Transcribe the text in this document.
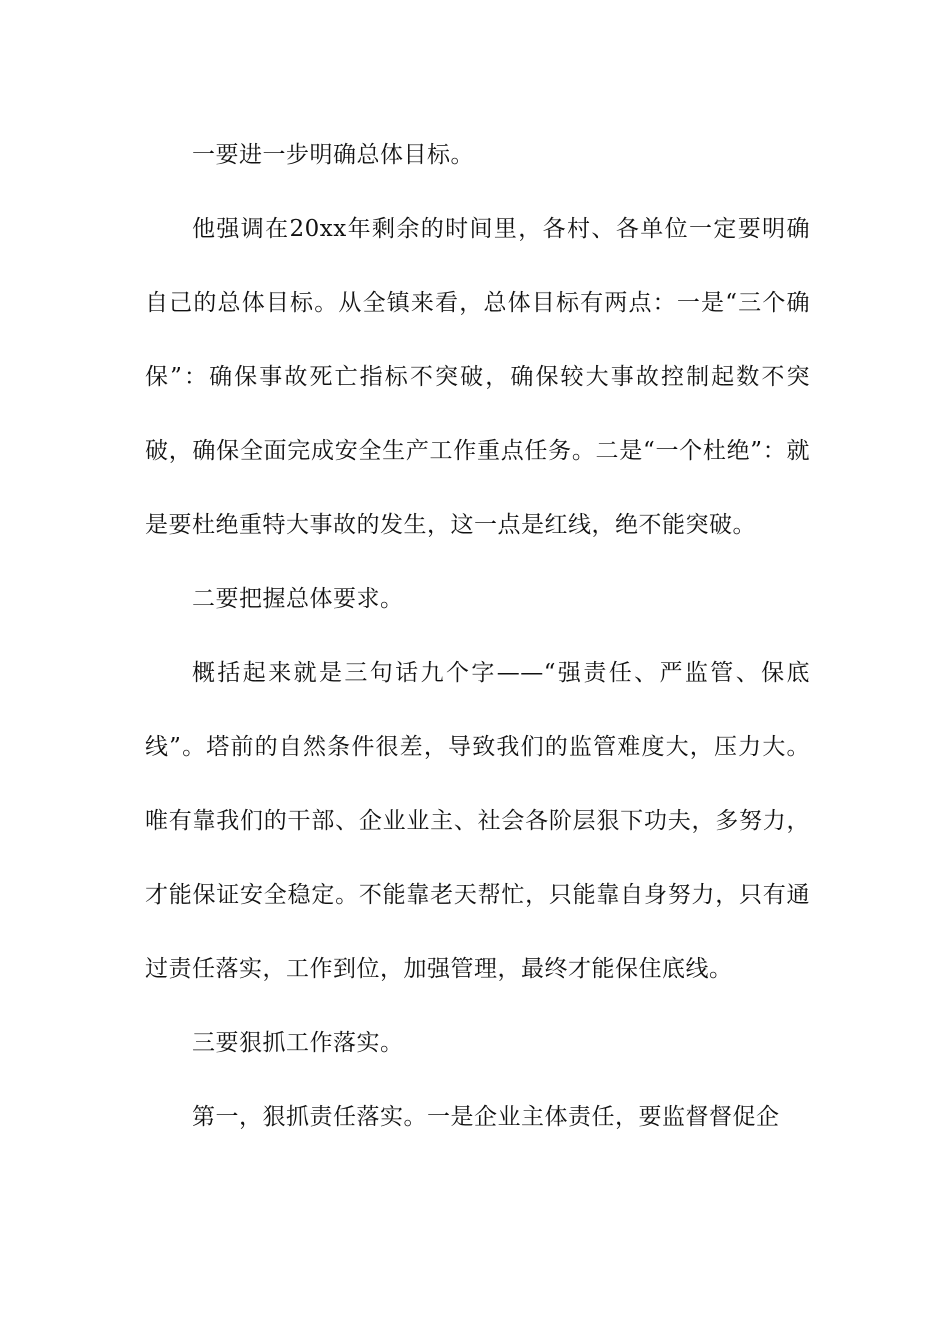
一要进一步明确总体目标。

他强调在20xx年剩余的时间里，各村、各单位一定要明确自己的总体目标。从全镇来看，总体目标有两点：一是“三个确保”：确保事故死亡指标不突破，确保较大事故控制起数不突破，确保全面完成安全生产工作重点任务。二是“一个杜绝”：就是要杜绝重特大事故的发生，这一点是红线，绝不能突破。

二要把握总体要求。

概括起来就是三句话九个字——“强责任、严监管、保底线”。塔前的自然条件很差，导致我们的监管难度大，压力大。唯有靠我们的干部、企业业主、社会各阶层狠下功夫，多努力，才能保证安全稳定。不能靠老天帮忙，只能靠自身努力，只有通过责任落实，工作到位，加强管理，最终才能保住底线。

三要狠抓工作落实。

第一，狠抓责任落实。一是企业主体责任，要监督督促企
